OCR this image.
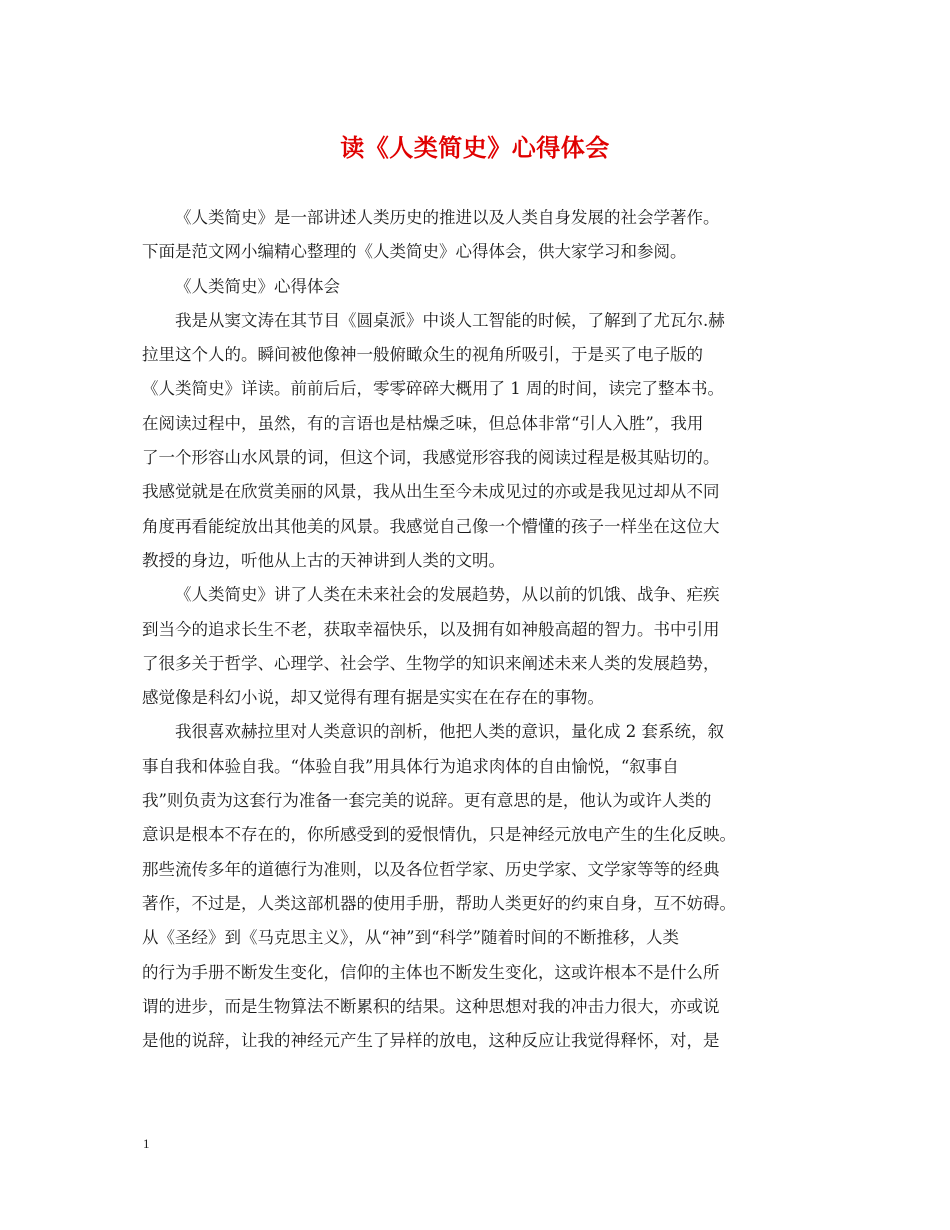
读《人类简史》心得体会
《人类简史》是一部讲述人类历史的推进以及人类自身发展的社会学著作。
下面是范文网小编精心整理的《人类简史》心得体会，供大家学习和参阅。
《人类简史》心得体会
我是从窦文涛在其节目《圆桌派》中谈人工智能的时候，了解到了尤瓦尔.赫
拉里这个人的。瞬间被他像神一般俯瞰众生的视角所吸引，于是买了电子版的
《人类简史》详读。前前后后，零零碎碎大概用了 1 周的时间，读完了整本书。
在阅读过程中，虽然，有的言语也是枯燥乏味，但总体非常“引人入胜”，我用
了一个形容山水风景的词，但这个词，我感觉形容我的阅读过程是极其贴切的。
我感觉就是在欣赏美丽的风景，我从出生至今未成见过的亦或是我见过却从不同
角度再看能绽放出其他美的风景。我感觉自己像一个懵懂的孩子一样坐在这位大
教授的身边，听他从上古的天神讲到人类的文明。
《人类简史》讲了人类在未来社会的发展趋势，从以前的饥饿、战争、疟疾
到当今的追求长生不老，获取幸福快乐，以及拥有如神般高超的智力。书中引用
了很多关于哲学、心理学、社会学、生物学的知识来阐述未来人类的发展趋势，
感觉像是科幻小说，却又觉得有理有据是实实在在存在的事物。
我很喜欢赫拉里对人类意识的剖析，他把人类的意识，量化成 2 套系统，叙
事自我和体验自我。“体验自我”用具体行为追求肉体的自由愉悦，“叙事自
我”则负责为这套行为准备一套完美的说辞。更有意思的是，他认为或许人类的
意识是根本不存在的，你所感受到的爱恨情仇，只是神经元放电产生的生化反映。
那些流传多年的道德行为准则，以及各位哲学家、历史学家、文学家等等的经典
著作，不过是，人类这部机器的使用手册，帮助人类更好的约束自身，互不妨碍。
从《圣经》到《马克思主义》，从“神”到“科学”随着时间的不断推移，人类
的行为手册不断发生变化，信仰的主体也不断发生变化，这或许根本不是什么所
谓的进步，而是生物算法不断累积的结果。这种思想对我的冲击力很大，亦或说
是他的说辞，让我的神经元产生了异样的放电，这种反应让我觉得释怀，对，是
1
